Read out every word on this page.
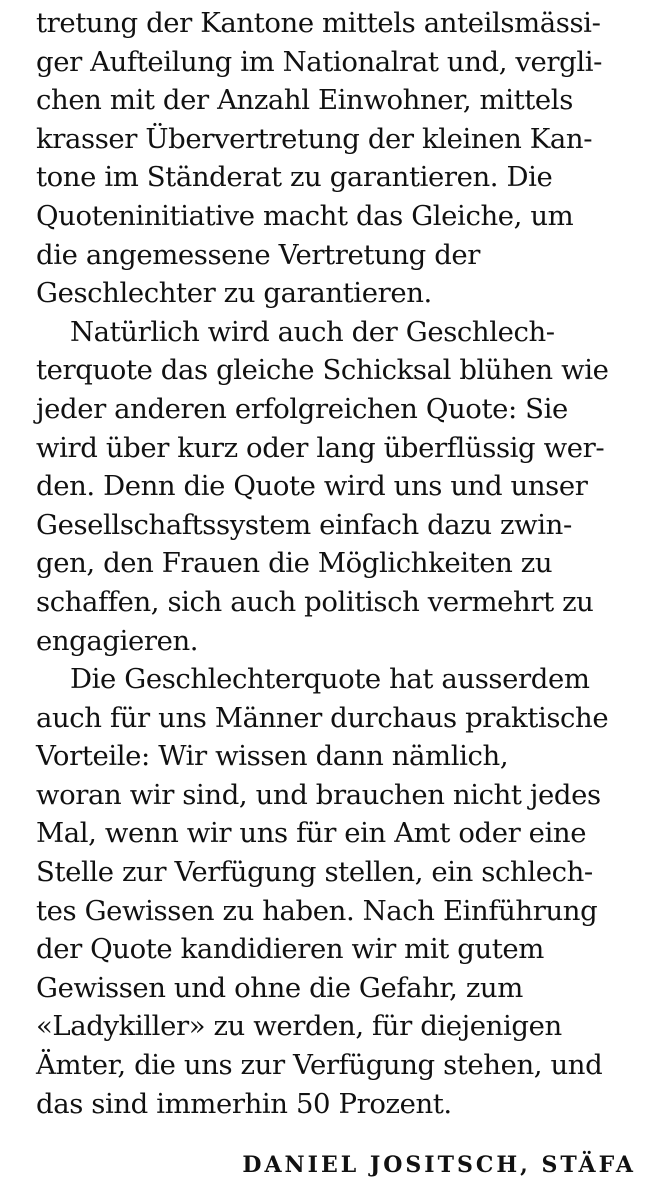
tretung der Kantone mittels anteilsmässi-
ger Aufteilung im Nationalrat und, vergli-
chen mit der Anzahl Einwohner, mittels
krasser Übervertretung der kleinen Kan-
tone im Ständerat zu garantieren. Die
Quoteninitiative macht das Gleiche, um
die angemessene Vertretung der
Geschlechter zu garantieren.
Natürlich wird auch der Geschlech-
terquote das gleiche Schicksal blühen wie
jeder anderen erfolgreichen Quote: Sie
wird über kurz oder lang überflüssig wer-
den. Denn die Quote wird uns und unser
Gesellschaftssystem einfach dazu zwin-
gen, den Frauen die Möglichkeiten zu
schaffen, sich auch politisch vermehrt zu
engagieren.
Die Geschlechterquote hat ausserdem
auch für uns Männer durchaus praktische
Vorteile: Wir wissen dann nämlich,
woran wir sind, und brauchen nicht jedes
Mal, wenn wir uns für ein Amt oder eine
Stelle zur Verfügung stellen, ein schlech-
tes Gewissen zu haben. Nach Einführung
der Quote kandidieren wir mit gutem
Gewissen und ohne die Gefahr, zum
«Ladykiller» zu werden, für diejenigen
Ämter, die uns zur Verfügung stehen, und
das sind immerhin 50 Prozent.
DANIEL JOSITSCH, STÄFA
